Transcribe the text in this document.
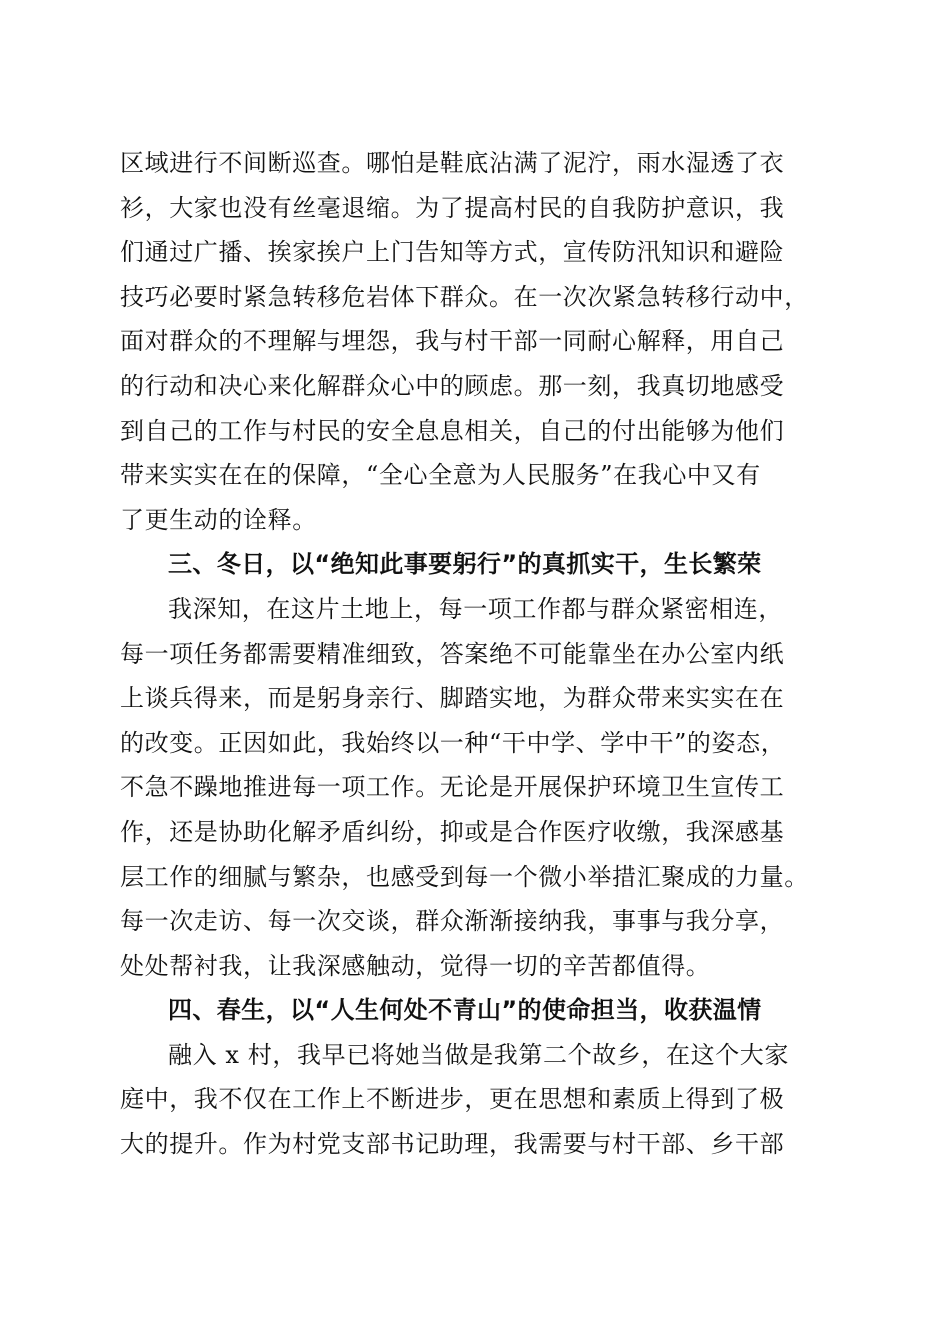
区域进行不间断巡查。哪怕是鞋底沾满了泥泞，雨水湿透了衣
衫，大家也没有丝毫退缩。为了提高村民的自我防护意识，我
们通过广播、挨家挨户上门告知等方式，宣传防汛知识和避险
技巧必要时紧急转移危岩体下群众。在一次次紧急转移行动中，
面对群众的不理解与埋怨，我与村干部一同耐心解释，用自己
的行动和决心来化解群众心中的顾虑。那一刻，我真切地感受
到自己的工作与村民的安全息息相关，自己的付出能够为他们
带来实实在在的保障，“全心全意为人民服务”在我心中又有
了更生动的诠释。
三、冬日，以“绝知此事要躬行”的真抓实干，生长繁荣
我深知，在这片土地上，每一项工作都与群众紧密相连，
每一项任务都需要精准细致，答案绝不可能靠坐在办公室内纸
上谈兵得来，而是躬身亲行、脚踏实地，为群众带来实实在在
的改变。正因如此，我始终以一种“干中学、学中干”的姿态，
不急不躁地推进每一项工作。无论是开展保护环境卫生宣传工
作，还是协助化解矛盾纠纷，抑或是合作医疗收缴，我深感基
层工作的细腻与繁杂，也感受到每一个微小举措汇聚成的力量。
每一次走访、每一次交谈，群众渐渐接纳我，事事与我分享，
处处帮衬我，让我深感触动，觉得一切的辛苦都值得。
四、春生，以“人生何处不青山”的使命担当，收获温情
融入 x 村，我早已将她当做是我第二个故乡，在这个大家
庭中，我不仅在工作上不断进步，更在思想和素质上得到了极
大的提升。作为村党支部书记助理，我需要与村干部、乡干部
